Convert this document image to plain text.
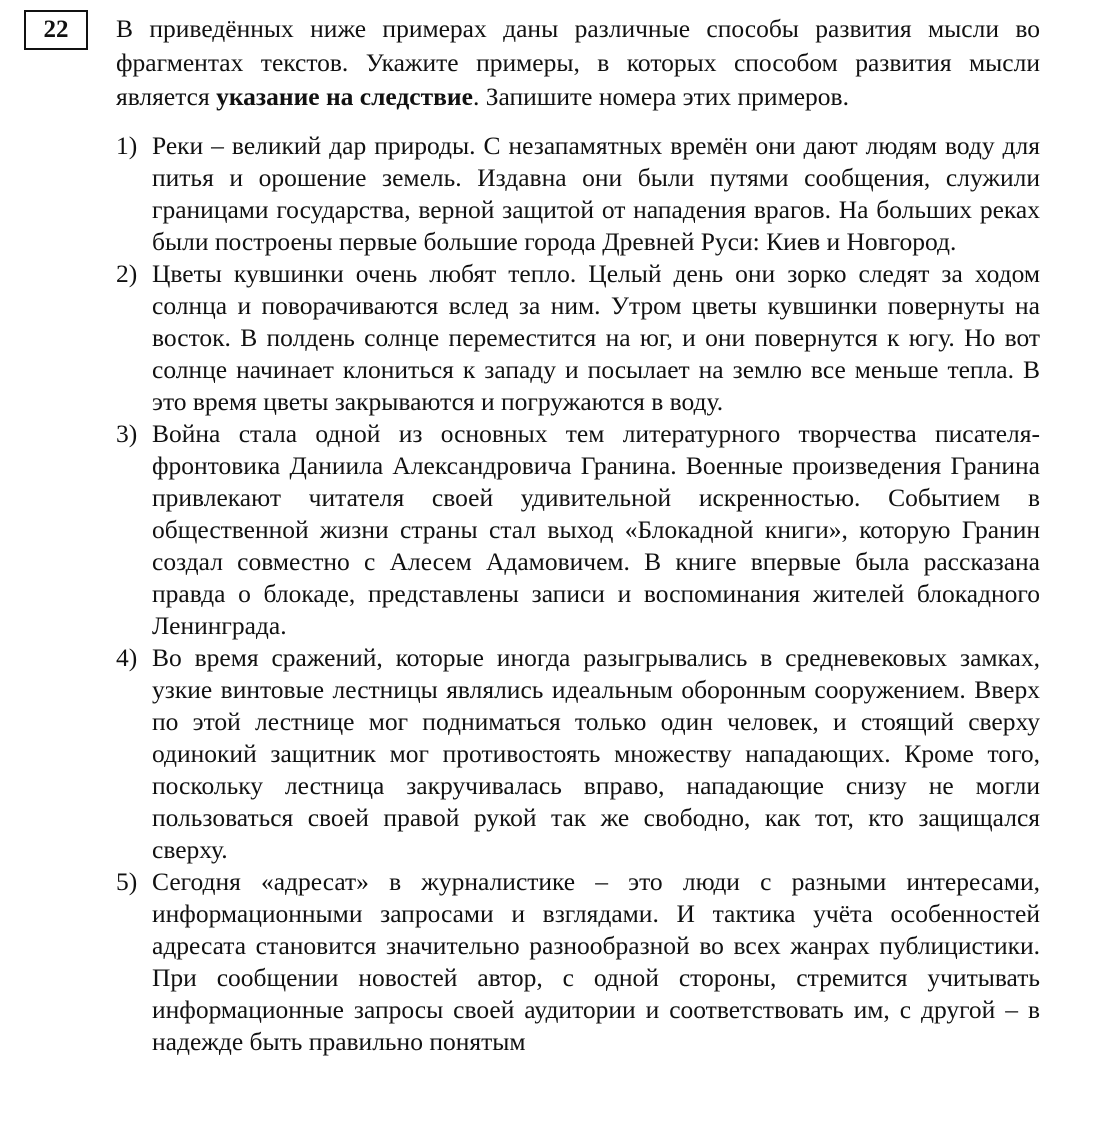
22 В приведённых ниже примерах даны различные способы развития мысли во фрагментах текстов. Укажите примеры, в которых способом развития мысли является указание на следствие. Запишите номера этих примеров.
1) Реки – великий дар природы. С незапамятных времён они дают людям воду для питья и орошение земель. Издавна они были путями сообщения, служили границами государства, верной защитой от нападения врагов. На больших реках были построены первые большие города Древней Руси: Киев и Новгород.
2) Цветы кувшинки очень любят тепло. Целый день они зорко следят за ходом солнца и поворачиваются вслед за ним. Утром цветы кувшинки повернуты на восток. В полдень солнце переместится на юг, и они повернутся к югу. Но вот солнце начинает клониться к западу и посылает на землю все меньше тепла. В это время цветы закрываются и погружаются в воду.
3) Война стала одной из основных тем литературного творчества писателя-фронтовика Даниила Александровича Гранина. Военные произведения Гранина привлекают читателя своей удивительной искренностью. Событием в общественной жизни страны стал выход «Блокадной книги», которую Гранин создал совместно с Алесем Адамовичем. В книге впервые была рассказана правда о блокаде, представлены записи и воспоминания жителей блокадного Ленинграда.
4) Во время сражений, которые иногда разыгрывались в средневековых замках, узкие винтовые лестницы являлись идеальным оборонным сооружением. Вверх по этой лестнице мог подниматься только один человек, и стоящий сверху одинокий защитник мог противостоять множеству нападающих. Кроме того, поскольку лестница закручивалась вправо, нападающие снизу не могли пользоваться своей правой рукой так же свободно, как тот, кто защищался сверху.
5) Сегодня «адресат» в журналистике – это люди с разными интересами, информационными запросами и взглядами. И тактика учёта особенностей адресата становится значительно разнообразной во всех жанрах публицистики. При сообщении новостей автор, с одной стороны, стремится учитывать информационные запросы своей аудитории и соответствовать им, с другой – в надежде быть правильно понятым
